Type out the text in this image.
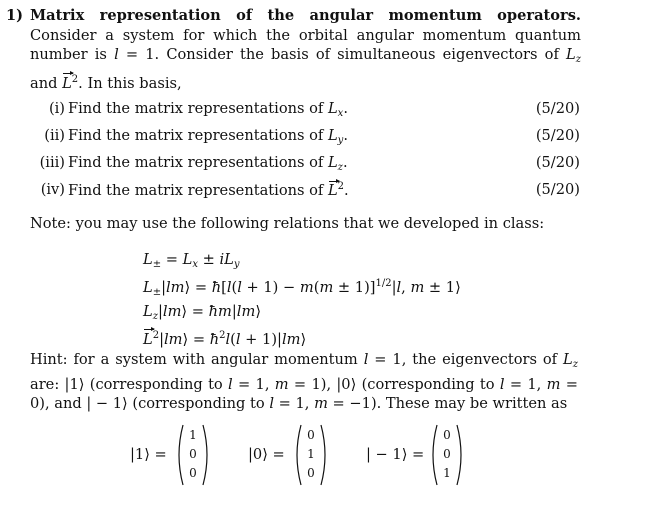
1) Matrix representation of the angular momentum operators. Consider a system for which the orbital angular momentum quantum number is l = 1. Consider the basis of simultaneous eigenvectors of $L_z$ and $L^2$. In this basis,
(i) Find the matrix representations of $L_x$.	(5/20)
(ii) Find the matrix representations of $L_y$.	(5/20)
(iii) Find the matrix representations of $L_z$.	(5/20)
(iv) Find the matrix representations of $L^2$.	(5/20)
Note: you may use the following relations that we developed in class:
$L_\pm = L_x \pm iL_y$
$L_\pm|lm⟩$ = ħ[l(l + 1) − m(m ± 1)]$^{1/2}$|l, m ± 1⟩
$L_z|lm⟩$ = ħm|lm⟩
$L^2|lm⟩$ = $ħ^2l(l$ + 1)|lm⟩
Hint: for a system with angular momentum l = 1, the eigenvectors of $L_z$ are: |1⟩ (corresponding to l = 1, m = 1), |0⟩ (corresponding to l = 1, m = 0), and | − 1⟩ (corresponding to l = 1, m = −1). These may be written as
|1⟩ =
1
0
0
|0⟩ =
0
1
0
| − 1⟩ =
0
0
1
